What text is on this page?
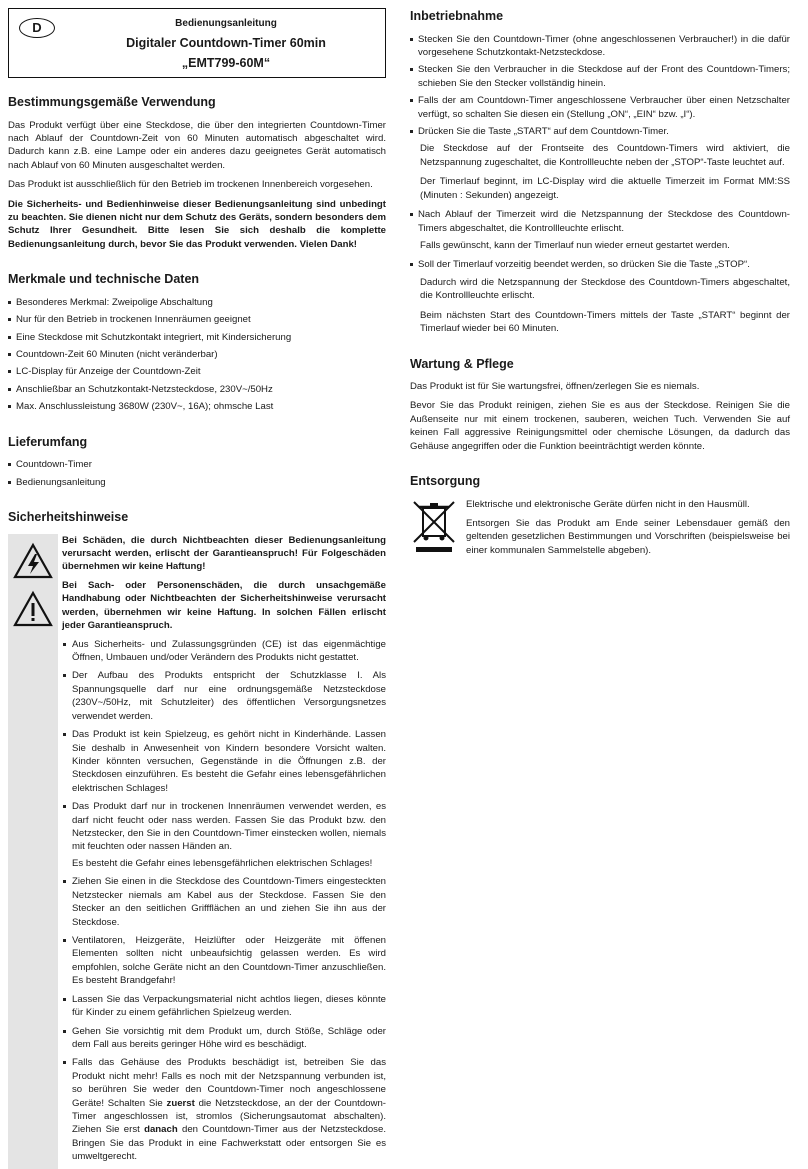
D	Bedienungsanleitung
Digitaler Countdown-Timer 60min
„EMT799-60M“
Bestimmungsgemäße Verwendung

Das Produkt verfügt über eine Steckdose, die über den integrierten Countdown-Timer nach Ablauf der Countdown-Zeit von 60 Minuten automatisch abgeschaltet wird. Dadurch kann z.B. eine Lampe oder ein anderes dazu geeignetes Gerät automatisch nach Ablauf von 60 Minuten ausgeschaltet werden.

Das Produkt ist ausschließlich für den Betrieb im trockenen Innenbereich vorgesehen.

Die Sicherheits- und Bedienhinweise dieser Bedienungsanleitung sind unbedingt zu beachten. Sie dienen nicht nur dem Schutz des Geräts, sondern besonders dem Schutz Ihrer Gesundheit. Bitte lesen Sie sich deshalb die komplette Bedienungsanleitung durch, bevor Sie das Produkt verwenden. Vielen Dank!

Merkmale und technische Daten
Besonderes Merkmal: Zweipolige Abschaltung
Nur für den Betrieb in trockenen Innenräumen geeignet
Eine Steckdose mit Schutzkontakt integriert, mit Kindersicherung
Countdown-Zeit 60 Minuten (nicht veränderbar)
LC-Display für Anzeige der Countdown-Zeit
Anschließbar an Schutzkontakt-Netzsteckdose, 230V~/50Hz
Max. Anschlussleistung 3680W (230V~, 16A); ohmsche Last
Lieferumfang
Countdown-Timer
Bedienungsanleitung
Sicherheitshinweise

Bei Schäden, die durch Nichtbeachten dieser Bedienungsanleitung verursacht werden, erlischt der Garantieanspruch! Für Folgeschäden übernehmen wir keine Haftung!

Bei Sach- oder Personenschäden, die durch unsachgemäße Handhabung oder Nichtbeachten der Sicherheitshinweise verursacht werden, übernehmen wir keine Haftung. In solchen Fällen erlischt jeder Garantieanspruch.

Aus Sicherheits- und Zulassungsgründen (CE) ist das eigenmächtige Öffnen, Umbauen und/oder Verändern des Produkts nicht gestattet.
Der Aufbau des Produkts entspricht der Schutzklasse I. Als Spannungsquelle darf nur eine ordnungsgemäße Netzsteckdose (230V~/50Hz, mit Schutzleiter) des öffentlichen Versorgungsnetzes verwendet werden.
Das Produkt ist kein Spielzeug, es gehört nicht in Kinderhände. Lassen Sie deshalb in Anwesenheit von Kindern besondere Vorsicht walten. Kinder könnten versuchen, Gegenstände in die Öffnungen z.B. der Steckdosen einzuführen. Es besteht die Gefahr eines lebensgefährlichen elektrischen Schlages!
Das Produkt darf nur in trockenen Innenräumen verwendet werden, es darf nicht feucht oder nass werden. Fassen Sie das Produkt bzw. den Netzstecker, den Sie in den Countdown-Timer einstecken wollen, niemals mit feuchten oder nassen Händen an.

Es besteht die Gefahr eines lebensgefährlichen elektrischen Schlages!

Ziehen Sie einen in die Steckdose des Countdown-Timers eingesteckten Netzstecker niemals am Kabel aus der Steckdose. Fassen Sie den Stecker an den seitlichen Griffflächen an und ziehen Sie ihn aus der Steckdose.
Ventilatoren, Heizgeräte, Heizlüfter oder Heizgeräte mit öffenen Elementen sollten nicht unbeaufsichtig gelassen werden. Es wird empfohlen, solche Geräte nicht an den Countdown-Timer anzuschließen. Es besteht Brandgefahr!
Lassen Sie das Verpackungsmaterial nicht achtlos liegen, dieses könnte für Kinder zu einem gefährlichen Spielzeug werden.
Gehen Sie vorsichtig mit dem Produkt um, durch Stöße, Schläge oder dem Fall aus bereits geringer Höhe wird es beschädigt.
Falls das Gehäuse des Produkts beschädigt ist, betreiben Sie das Produkt nicht mehr! Falls es noch mit der Netzspannung verbunden ist, so berühren Sie weder den Countdown-Timer noch angeschlossene Geräte! Schalten Sie zuerst die Netzsteckdose, an der der Countdown-Timer angeschlossen ist, stromlos (Sicherungsautomat abschalten). Ziehen Sie erst danach den Countdown-Timer aus der Netzsteckdose. Bringen Sie das Produkt in eine Fachwerkstatt oder entsorgen Sie es umweltgerecht.
Inbetriebnahme
Stecken Sie den Countdown-Timer (ohne angeschlossenen Verbraucher!) in die dafür vorgesehene Schutzkontakt-Netzsteckdose.
Stecken Sie den Verbraucher in die Steckdose auf der Front des Countdown-Timers; schieben Sie den Stecker vollständig hinein.
Falls der am Countdown-Timer angeschlossene Verbraucher über einen Netzschalter verfügt, so schalten Sie diesen ein (Stellung „ON“, „EIN“ bzw. „I“).
Drücken Sie die Taste „START“ auf dem Countdown-Timer.

Die Steckdose auf der Frontseite des Countdown-Timers wird aktiviert, die Netzspannung zugeschaltet, die Kontrollleuchte neben der „STOP“-Taste leuchtet auf.

Der Timerlauf beginnt, im LC-Display wird die aktuelle Timerzeit im Format MM:SS (Minuten : Sekunden) angezeigt.

Nach Ablauf der Timerzeit wird die Netzspannung der Steckdose des Countdown-Timers abgeschaltet, die Kontrollleuchte erlischt.

Falls gewünscht, kann der Timerlauf nun wieder erneut gestartet werden.

Soll der Timerlauf vorzeitig beendet werden, so drücken Sie die Taste „STOP“.

Dadurch wird die Netzspannung der Steckdose des Countdown-Timers abgeschaltet, die Kontrollleuchte erlischt.

Beim nächsten Start des Countdown-Timers mittels der Taste „START“ beginnt der Timerlauf wieder bei 60 Minuten.

Wartung & Pflege

Das Produkt ist für Sie wartungsfrei, öffnen/zerlegen Sie es niemals.

Bevor Sie das Produkt reinigen, ziehen Sie es aus der Steckdose. Reinigen Sie die Außenseite nur mit einem trockenen, sauberen, weichen Tuch. Verwenden Sie auf keinen Fall aggressive Reinigungsmittel oder chemische Lösungen, da dadurch das Gehäuse angegriffen oder die Funktion beeinträchtigt werden könnte.

Entsorgung

Elektrische und elektronische Geräte dürfen nicht in den Hausmüll.

Entsorgen Sie das Produkt am Ende seiner Lebensdauer gemäß den geltenden gesetzlichen Bestimmungen und Vorschriften (beispielsweise bei einer kommunalen Sammelstelle abgeben).
